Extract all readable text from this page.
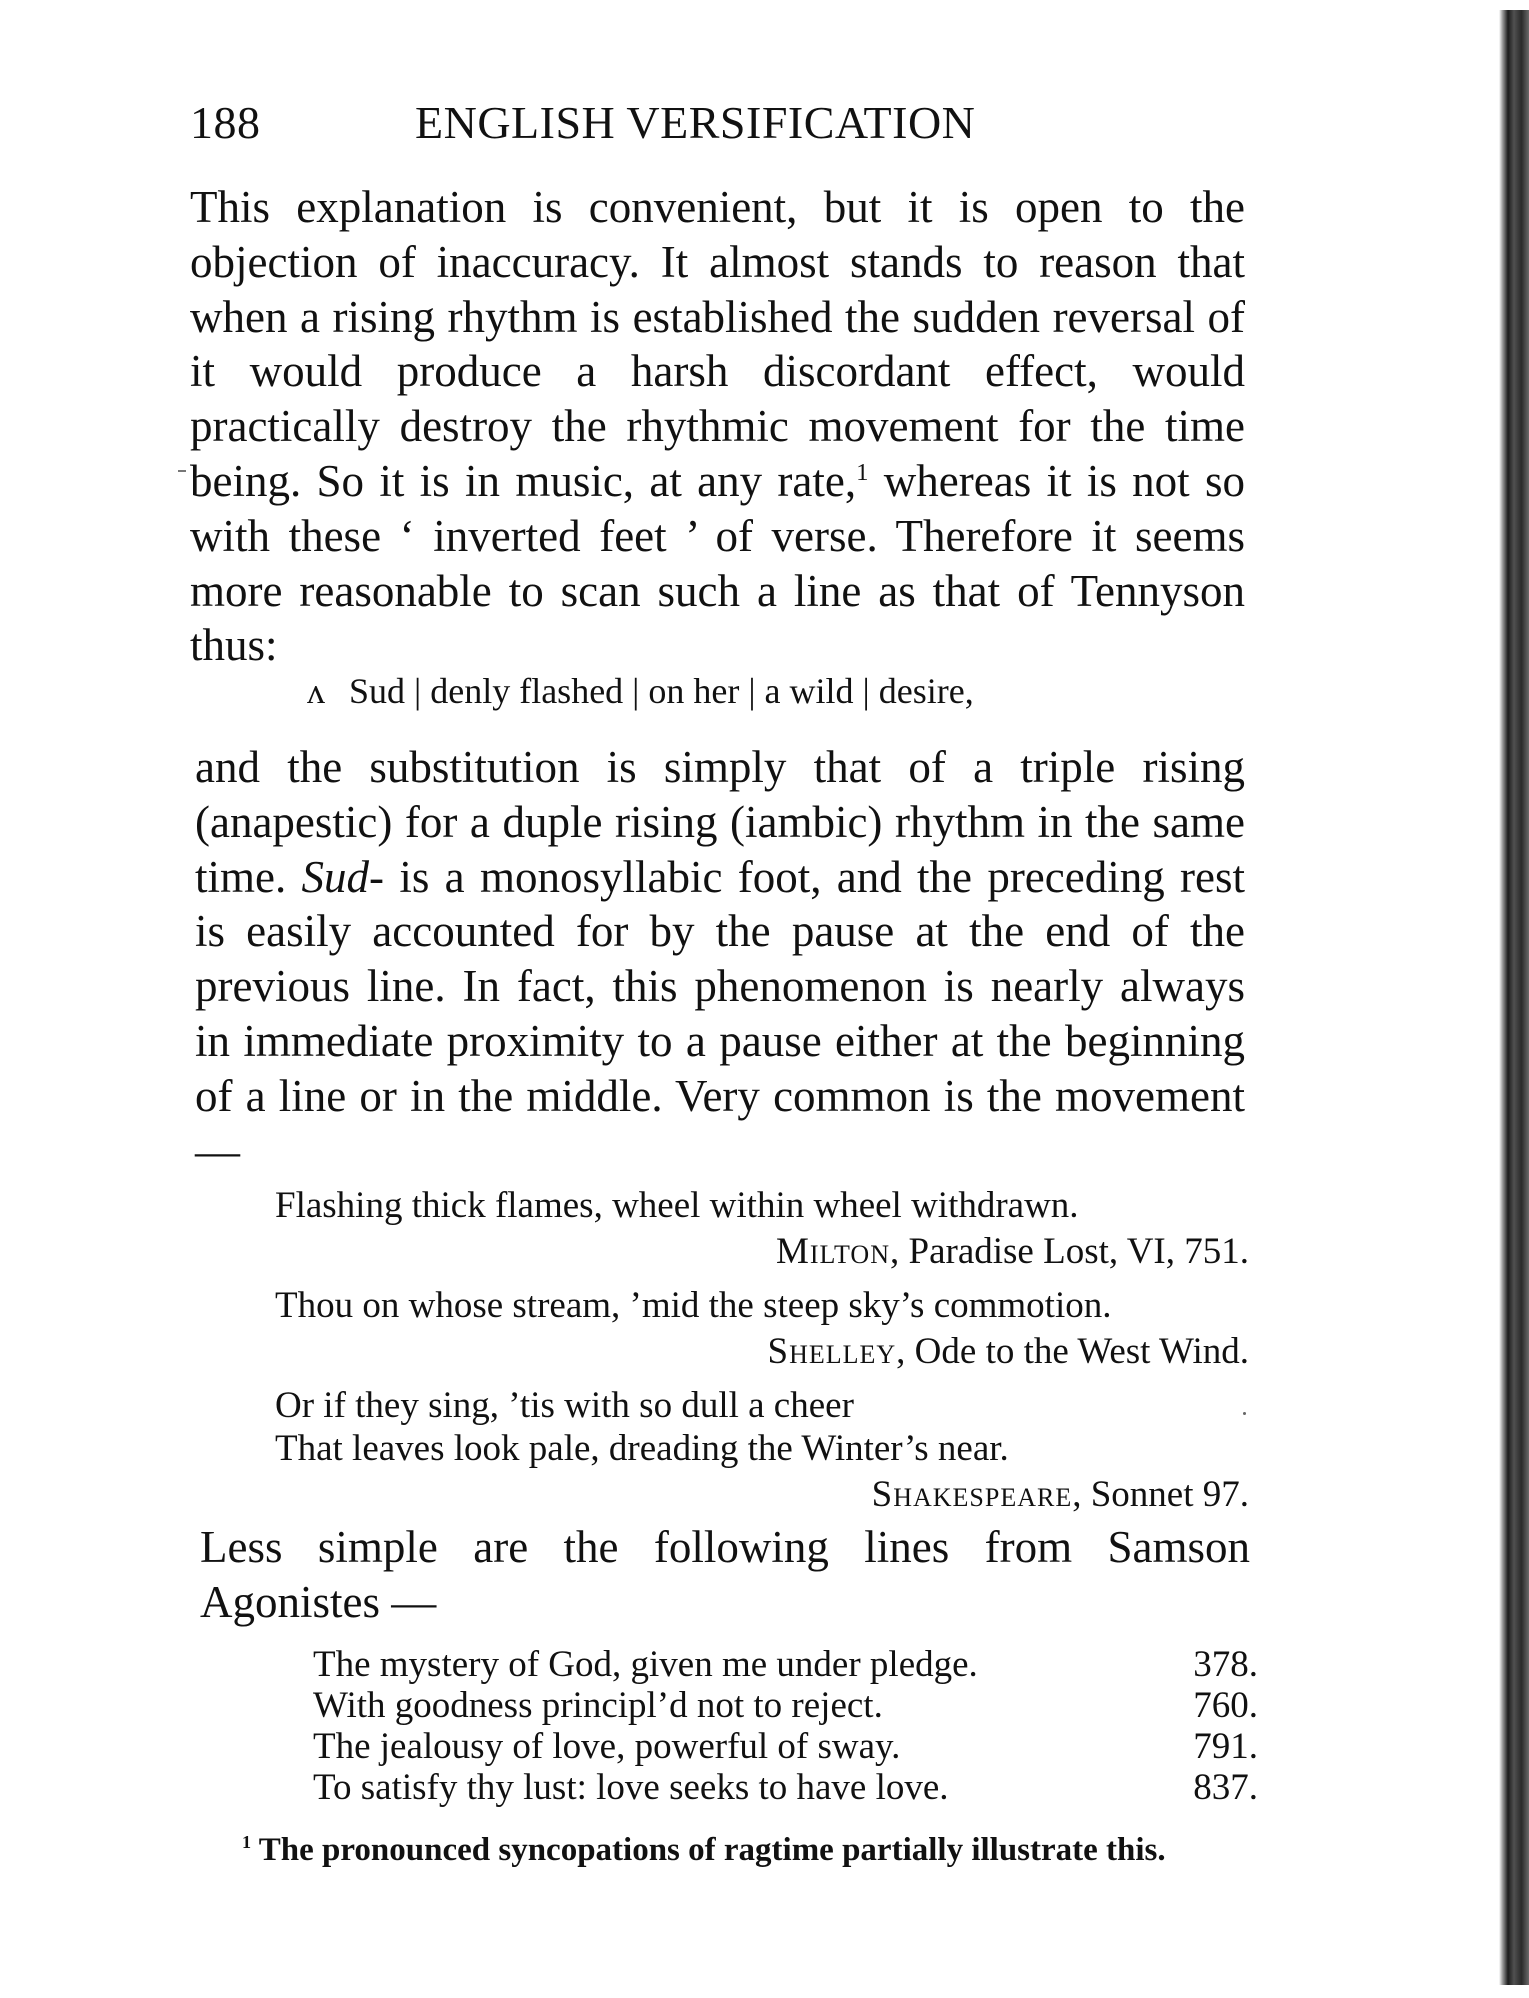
188	ENGLISH VERSIFICATION

This explanation is convenient, but it is open to the objection of inaccuracy. It almost stands to reason that when a rising rhythm is established the sudden reversal of it would produce a harsh discordant effect, would practically destroy the rhythmic movement for the time being. So it is in music, at any rate,$^1$ whereas it is not so with these ‘ inverted feet ’ of verse. Therefore it seems more reasonable to scan such a line as that of Tennyson thus:

ʌ Sud | denly flashed | on her | a wild | desire,

and the substitution is simply that of a triple rising (anapestic) for a duple rising (iambic) rhythm in the same time. Sud- is a monosyllabic foot, and the preceding rest is easily accounted for by the pause at the end of the previous line. In fact, this phenomenon is nearly always in immediate proximity to a pause either at the beginning of a line or in the middle. Very common is the movement —

Flashing thick flames, wheel within wheel withdrawn.
Milton, Paradise Lost, VI, 751.
Thou on whose stream, ’mid the steep sky’s commotion.
Shelley, Ode to the West Wind.
Or if they sing, ’tis with so dull a cheer
That leaves look pale, dreading the Winter’s near.
Shakespeare, Sonnet 97.

Less simple are the following lines from Samson Agonistes —

The mystery of God, given me under pledge.	378.
With goodness principl’d not to reject.	760.
The jealousy of love, powerful of sway.	791.
To satisfy thy lust: love seeks to have love.	837.
$^1$ The pronounced syncopations of ragtime partially illustrate this.
